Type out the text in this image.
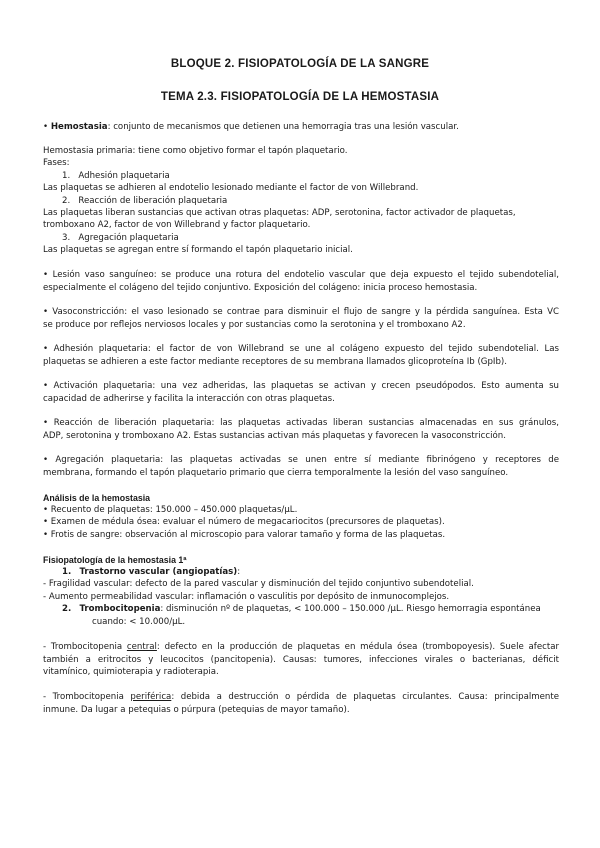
BLOQUE 2. FISIOPATOLOGÍA DE LA SANGRE
TEMA 2.3. FISIOPATOLOGÍA DE LA HEMOSTASIA
• Hemostasia: conjunto de mecanismos que detienen una hemorragia tras una lesión vascular.
Hemostasia primaria: tiene como objetivo formar el tapón plaquetario.
Fases:
1. Adhesión plaquetaria
Las plaquetas se adhieren al endotelio lesionado mediante el factor de von Willebrand.
2. Reacción de liberación plaquetaria
Las plaquetas liberan sustancias que activan otras plaquetas: ADP, serotonina, factor activador de plaquetas,
tromboxano A2, factor de von Willebrand y factor plaquetario.
3. Agregación plaquetaria
Las plaquetas se agregan entre sí formando el tapón plaquetario inicial.
• Lesión vaso sanguíneo: se produce una rotura del endotelio vascular que deja expuesto el tejido subendotelial,
especialmente el colágeno del tejido conjuntivo. Exposición del colágeno: inicia proceso hemostasia.
• Vasoconstricción: el vaso lesionado se contrae para disminuir el flujo de sangre y la pérdida sanguínea. Esta VC
se produce por reflejos nerviosos locales y por sustancias como la serotonina y el tromboxano A2.
• Adhesión plaquetaria: el factor de von Willebrand se une al colágeno expuesto del tejido subendotelial. Las
plaquetas se adhieren a este factor mediante receptores de su membrana llamados glicoproteína Ib (GpIb).
• Activación plaquetaria: una vez adheridas, las plaquetas se activan y crecen pseudópodos. Esto aumenta su
capacidad de adherirse y facilita la interacción con otras plaquetas.
• Reacción de liberación plaquetaria: las plaquetas activadas liberan sustancias almacenadas en sus gránulos,
ADP, serotonina y tromboxano A2. Estas sustancias activan más plaquetas y favorecen la vasoconstricción.
• Agregación plaquetaria: las plaquetas activadas se unen entre sí mediante fibrinógeno y receptores de
membrana, formando el tapón plaquetario primario que cierra temporalmente la lesión del vaso sanguíneo.
Análisis de la hemostasia
• Recuento de plaquetas: 150.000 – 450.000 plaquetas/µL.
• Examen de médula ósea: evaluar el número de megacariocitos (precursores de plaquetas).
• Frotis de sangre: observación al microscopio para valorar tamaño y forma de las plaquetas.
Fisiopatología de la hemostasia 1ª
1. Trastorno vascular (angiopatías):
- Fragilidad vascular: defecto de la pared vascular y disminución del tejido conjuntivo subendotelial.
- Aumento permeabilidad vascular: inflamación o vasculitis por depósito de inmunocomplejos.
2. Trombocitopenia: disminución nº de plaquetas, < 100.000 – 150.000 /µL. Riesgo hemorragia espontánea
cuando: < 10.000/µL.
- Trombocitopenia central: defecto en la producción de plaquetas en médula ósea (trombopoyesis). Suele afectar
también a eritrocitos y leucocitos (pancitopenia). Causas: tumores, infecciones virales o bacterianas, déficit
vitamínico, quimioterapia y radioterapia.
- Trombocitopenia periférica: debida a destrucción o pérdida de plaquetas circulantes. Causa: principalmente
inmune. Da lugar a petequias o púrpura (petequias de mayor tamaño).
